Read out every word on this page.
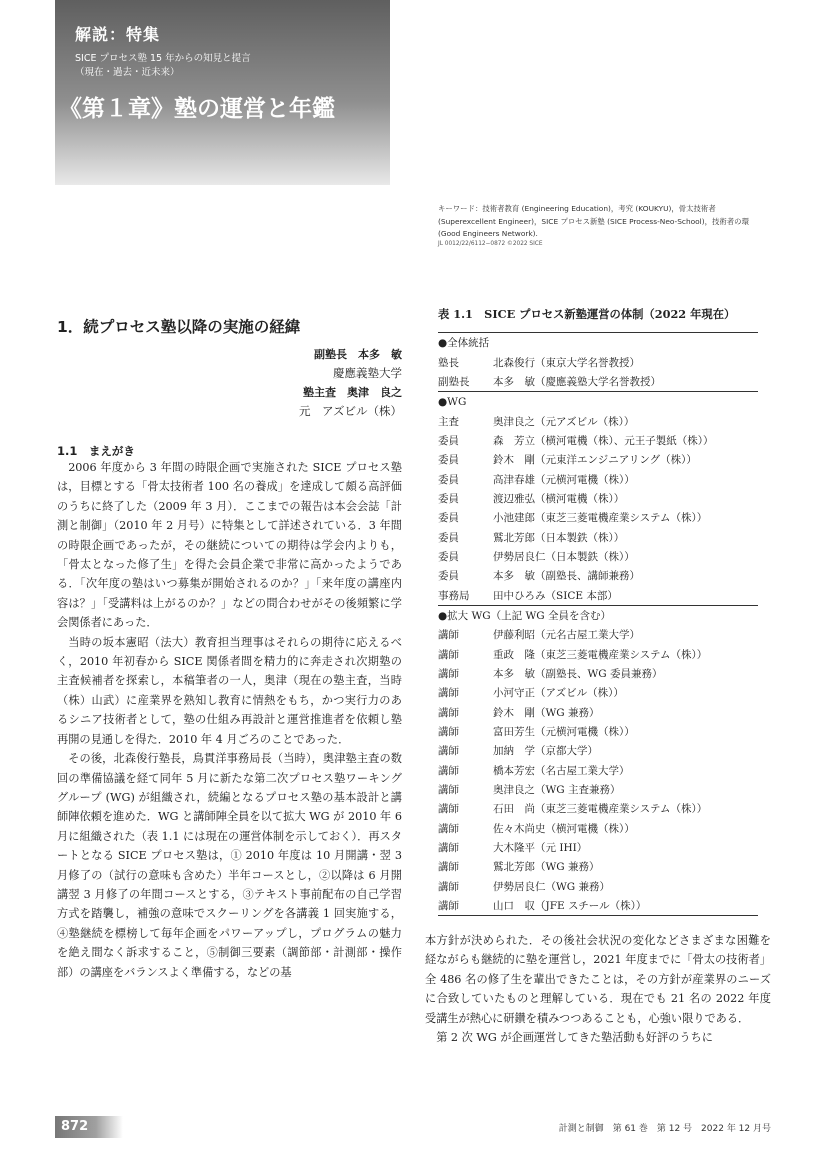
解説：特集
SICE プロセス塾 15 年からの知見と提言
（現在・過去・近未来）
《第１章》塾の運営と年鑑
キーワード：技術者教育 (Engineering Education)，考究 (KOUKYU)，骨太技術者 (Superexcellent Engineer)，SICE プロセス新塾 (SICE Process-Neo-School)，技術者の環 (Good Engineers Network).
JL 0012/22/6112−0872 ©2022 SICE
1．続プロセス塾以降の実施の経緯
副塾長　本多　敏
慶應義塾大学
塾主査　奥津　良之
元　アズビル（株）
1.1　まえがき

2006 年度から 3 年間の時限企画で実施された SICE プロセス塾は，目標とする「骨太技術者 100 名の養成」を達成して頗る高評価のうちに終了した（2009 年 3 月）．ここまでの報告は本会会誌「計測と制御」（2010 年 2 月号）に特集として詳述されている．3 年間の時限企画であったが，その継続についての期待は学会内よりも，「骨太となった修了生」を得た会員企業で非常に高かったようである．「次年度の塾はいつ募集が開始されるのか？」「来年度の講座内容は？」「受講料は上がるのか？」などの問合わせがその後頻繁に学会関係者にあった．

当時の坂本憲昭（法大）教育担当理事はそれらの期待に応えるべく，2010 年初春から SICE 関係者間を精力的に奔走され次期塾の主査候補者を探索し，本稿筆者の一人，奥津（現在の塾主査，当時（株）山武）に産業界を熟知し教育に情熱をもち，かつ実行力のあるシニア技術者として，塾の仕組み再設計と運営推進者を依頼し塾再開の見通しを得た．2010 年 4 月ごろのことであった．

その後，北森俊行塾長，鳥貫洋事務局長（当時），奥津塾主査の数回の準備協議を経て同年 5 月に新たな第二次プロセス塾ワーキンググループ (WG) が組織され，続編となるプロセス塾の基本設計と講師陣依頼を進めた．WG と講師陣全員を以て拡大 WG が 2010 年 6 月に組織された（表 1.1 には現在の運営体制を示しておく）．再スタートとなる SICE プロセス塾は，① 2010 年度は 10 月開講・翌 3 月修了の（試行の意味も含めた）半年コースとし，②以降は 6 月開講翌 3 月修了の年間コースとする，③テキスト事前配布の自己学習方式を踏襲し，補強の意味でスクーリングを各講義 1 回実施する，④塾継続を標榜して毎年企画をパワーアップし，プログラムの魅力を絶え間なく訴求すること，⑤制御三要素（調節部・計測部・操作部）の講座をバランスよく準備する，などの基

表 1.1　SICE プロセス新塾運営の体制（2022 年現在）
●全体統括
塾長	北森俊行（東京大学名誉教授）
副塾長	本多　敏（慶應義塾大学名誉教授）
●WG
主査	奥津良之（元アズビル（株））
委員	森　芳立（横河電機（株）、元王子製紙（株））
委員	鈴木　剛（元東洋エンジニアリング（株））
委員	高津春雄（元横河電機（株））
委員	渡辺雅弘（横河電機（株））
委員	小池建郎（東芝三菱電機産業システム（株））
委員	鷲北芳郎（日本製鉄（株））
委員	伊勢居良仁（日本製鉄（株））
委員	本多　敏（副塾長、講師兼務）
事務局	田中ひろみ（SICE 本部）
●拡大 WG（上記 WG 全員を含む）
講師	伊藤利昭（元名古屋工業大学）
講師	重政　隆（東芝三菱電機産業システム（株））
講師	本多　敏（副塾長、WG 委員兼務）
講師	小河守正（アズビル（株））
講師	鈴木　剛（WG 兼務）
講師	富田芳生（元横河電機（株））
講師	加納　学（京都大学）
講師	橋本芳宏（名古屋工業大学）
講師	奥津良之（WG 主査兼務）
講師	石田　尚（東芝三菱電機産業システム（株））
講師	佐々木尚史（横河電機（株））
講師	大木隆平（元 IHI）
講師	鷲北芳郎（WG 兼務）
講師	伊勢居良仁（WG 兼務）
講師	山口　収（JFE スチール（株））

本方針が決められた．その後社会状況の変化などさまざまな困難を経ながらも継続的に塾を運営し，2021 年度までに「骨太の技術者」全 486 名の修了生を輩出できたことは，その方針が産業界のニーズに合致していたものと理解している．現在でも 21 名の 2022 年度受講生が熱心に研鑽を積みつつあることも，心強い限りである．

第 2 次 WG が企画運営してきた塾活動も好評のうちに

872	計測と制御　第 61 巻　第 12 号　2022 年 12 月号
